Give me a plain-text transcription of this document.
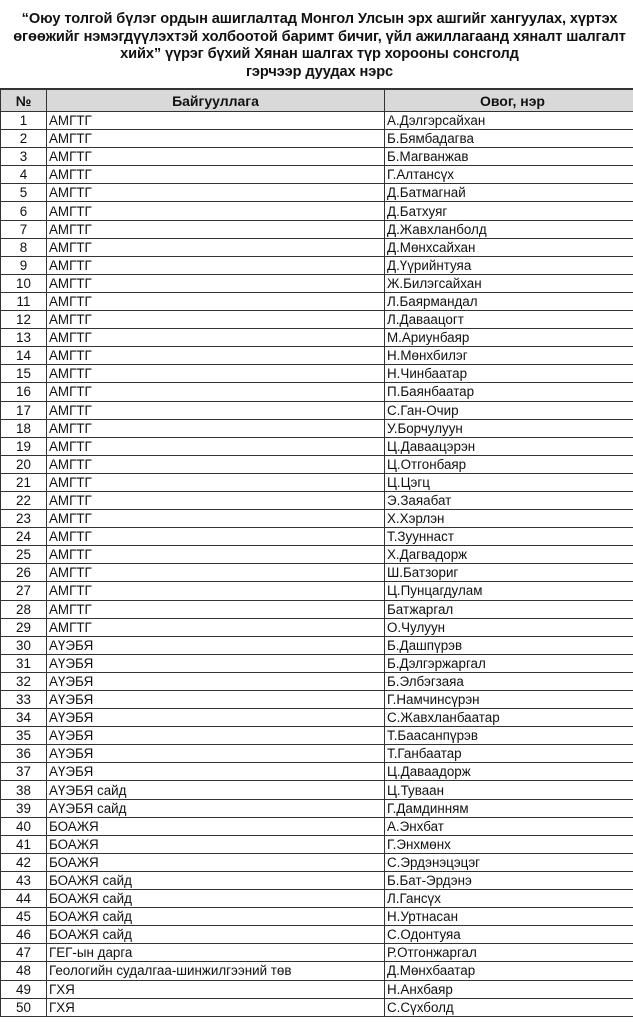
“Оюу толгой бүлэг ордын ашиглалтад Монгол Улсын эрх ашгийг хангуулах, хүртэх
өгөөжийг нэмэгдүүлэхтэй холбоотой баримт бичиг, үйл ажиллагаанд хяналт шалгалт
хийх” үүрэг бүхий Хянан шалгах түр хорооны сонсголд

гэрчээр дуудах нэрс

№	Байгууллага	Овог, нэр
1	АМГТГ	А.Дэлгэрсайхан
2	АМГТГ	Б.Бямбадагва
3	АМГТГ	Б.Магванжав
4	АМГТГ	Г.Алтансүх
5	АМГТГ	Д.Батмагнай
6	АМГТГ	Д.Батхуяг
7	АМГТГ	Д.Жавхланболд
8	АМГТГ	Д.Мөнхсайхан
9	АМГТГ	Д.Үүрийнтуяа
10	АМГТГ	Ж.Билэгсайхан
11	АМГТГ	Л.Баярмандал
12	АМГТГ	Л.Даваацогт
13	АМГТГ	М.Ариунбаяр
14	АМГТГ	Н.Мөнхбилэг
15	АМГТГ	Н.Чинбаатар
16	АМГТГ	П.Баянбаатар
17	АМГТГ	С.Ган-Очир
18	АМГТГ	У.Борчулуун
19	АМГТГ	Ц.Даваацэрэн
20	АМГТГ	Ц.Отгонбаяр
21	АМГТГ	Ц.Цэгц
22	АМГТГ	Э.Заяабат
23	АМГТГ	Х.Хэрлэн
24	АМГТГ	Т.Зууннаст
25	АМГТГ	Х.Дагвадорж
26	АМГТГ	Ш.Батзориг
27	АМГТГ	Ц.Пунцагдулам
28	АМГТГ	Батжаргал
29	АМГТГ	О.Чулуун
30	АҮЭБЯ	Б.Дашпүрэв
31	АҮЭБЯ	Б.Дэлгэржаргал
32	АҮЭБЯ	Б.Элбэгзаяа
33	АҮЭБЯ	Г.Намчинсүрэн
34	АҮЭБЯ	С.Жавхланбаатар
35	АҮЭБЯ	Т.Баасанпүрэв
36	АҮЭБЯ	Т.Ганбаатар
37	АҮЭБЯ	Ц.Даваадорж
38	АҮЭБЯ сайд	Ц.Туваан
39	АҮЭБЯ сайд	Г.Дамдинням
40	БОАЖЯ	А.Энхбат
41	БОАЖЯ	Г.Энхмөнх
42	БОАЖЯ	С.Эрдэнэцэцэг
43	БОАЖЯ сайд	Б.Бат-Эрдэнэ
44	БОАЖЯ сайд	Л.Гансүх
45	БОАЖЯ сайд	Н.Уртнасан
46	БОАЖЯ сайд	С.Одонтуяа
47	ГЕГ-ын дарга	Р.Отгонжаргал
48	Геологийн судалгаа-шинжилгээний төв	Д.Мөнхбаатар
49	ГХЯ	Н.Анхбаяр
50	ГХЯ	С.Сүхболд
